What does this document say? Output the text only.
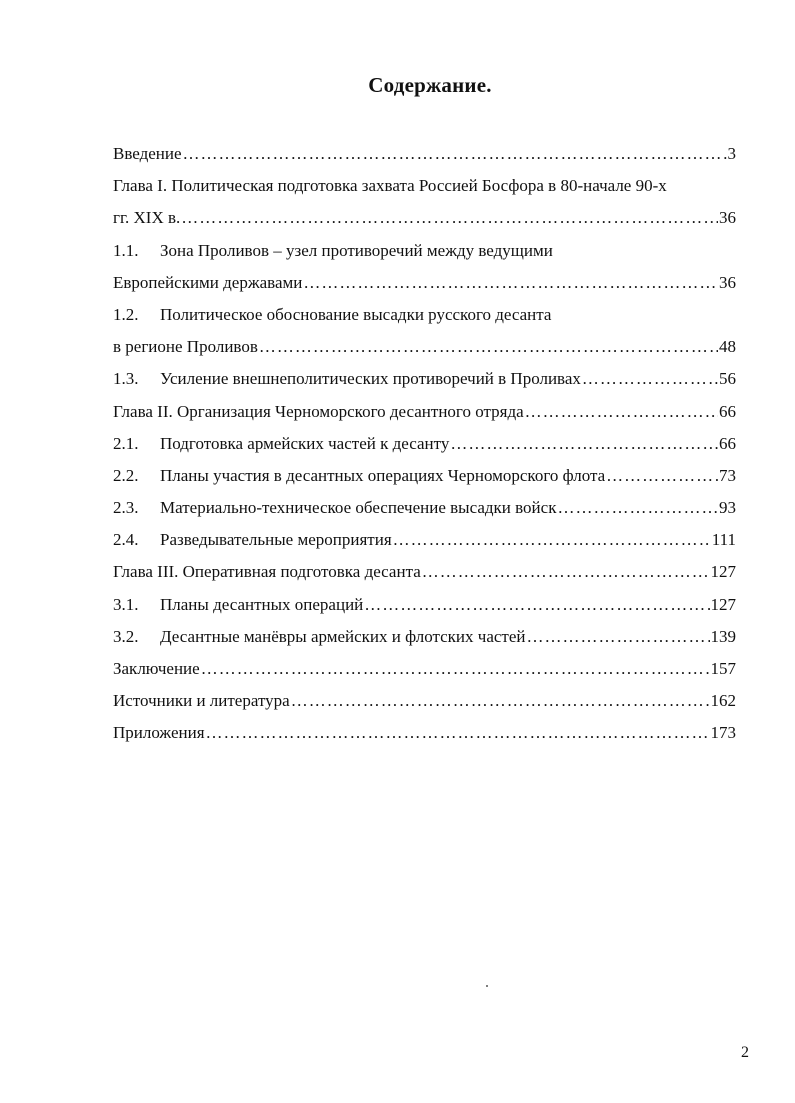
Содержание.
Введение ………………………………………………………………………………………………………………………………………………………………………………………………	3
Глава I. Политическая подготовка захвата Россией Босфора в 80-начале 90-х
гг. XIX в. ………………………………………………………………………………………………………………………………………………………………………………………………	36
1.1. Зона Проливов – узел противоречий между ведущими
Европейскими державами ………………………………………………………………………………………………………………………………………………………………………………………………	36
1.2. Политическое обоснование высадки русского десанта
в регионе Проливов ………………………………………………………………………………………………………………………………………………………………………………………………	48
1.3. Усиление внешнеполитических противоречий в Проливах ………………………………………………………………………………………………………………………………………………………………………………………………	56
Глава II. Организация Черноморского десантного отряда ………………………………………………………………………………………………………………………………………………………………………………………………	66
2.1. Подготовка армейских частей к десанту ………………………………………………………………………………………………………………………………………………………………………………………………	66
2.2. Планы участия в десантных операциях Черноморского флота ………………………………………………………………………………………………………………………………………………………………………………………………	73
2.3. Материально-техническое обеспечение высадки войск ………………………………………………………………………………………………………………………………………………………………………………………………	93
2.4. Разведывательные мероприятия ………………………………………………………………………………………………………………………………………………………………………………………………	111
Глава III. Оперативная подготовка десанта ………………………………………………………………………………………………………………………………………………………………………………………………	127
3.1. Планы десантных операций ………………………………………………………………………………………………………………………………………………………………………………………………	127
3.2. Десантные манёвры армейских и флотских частей ………………………………………………………………………………………………………………………………………………………………………………………………	139
Заключение ………………………………………………………………………………………………………………………………………………………………………………………………	157
Источники и литература ………………………………………………………………………………………………………………………………………………………………………………………………	162
Приложения ………………………………………………………………………………………………………………………………………………………………………………………………	173
2
